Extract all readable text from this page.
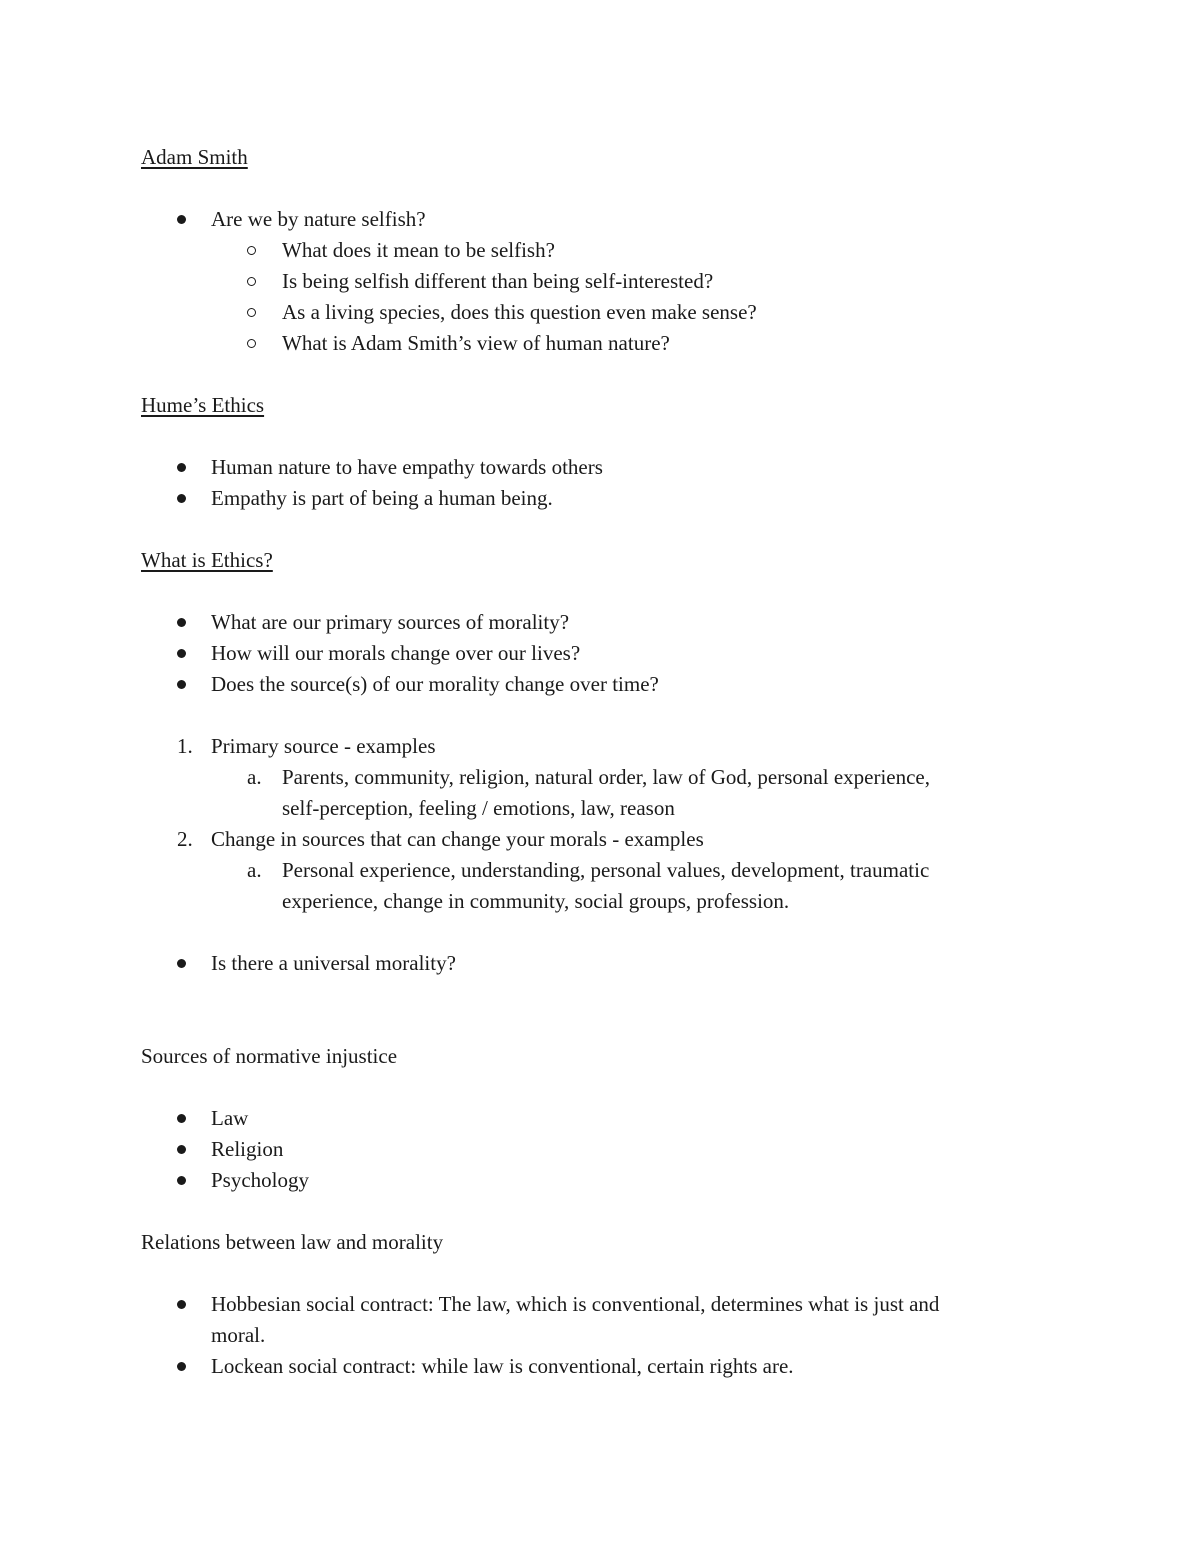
Adam Smith
Are we by nature selfish?
What does it mean to be selfish?
Is being selfish different than being self-interested?
As a living species, does this question even make sense?
What is Adam Smith’s view of human nature?
Hume’s Ethics
Human nature to have empathy towards others
Empathy is part of being a human being.
What is Ethics?
What are our primary sources of morality?
How will our morals change over our lives?
Does the source(s) of our morality change over time?
1. Primary source - examples
a. Parents, community, religion, natural order, law of God, personal experience,
self-perception, feeling / emotions, law, reason
2. Change in sources that can change your morals - examples
a. Personal experience, understanding, personal values, development, traumatic
experience, change in community, social groups, profession.
Is there a universal morality?
Sources of normative injustice
Law
Religion
Psychology
Relations between law and morality
Hobbesian social contract: The law, which is conventional, determines what is just and
moral.
Lockean social contract: while law is conventional, certain rights are.
